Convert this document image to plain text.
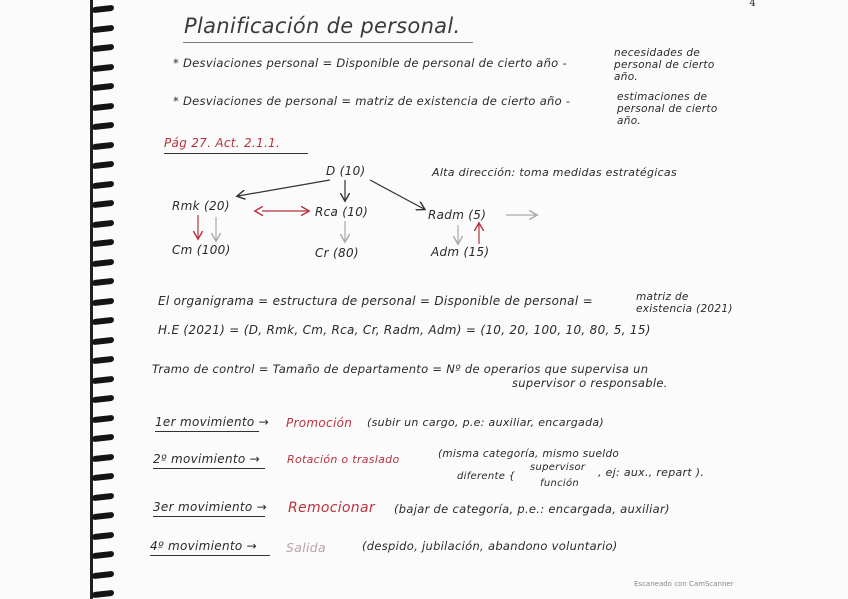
4
Planificación de personal.
* Desviaciones personal = Disponible de personal de cierto año -
necesidades de personal de cierto año.
* Desviaciones de personal = matriz de existencia de cierto año -	estimaciones de personal de cierto año.
Pág 27. Act. 2.1.1.
D (10)	Alta dirección: toma medidas estratégicas
Rmk (20)	Rca (10)	Radm (5)
Cm (100)	Cr (80)	Adm (15)
El organigrama = estructura de personal = Disponible de personal =	matriz de existencia (2021)
H.E (2021) = (D, Rmk, Cm, Rca, Cr, Radm, Adm) = (10, 20, 100, 10, 80, 5, 15)
Tramo de control = Tamaño de departamento = Nº de operarios que supervisa un
supervisor o responsable.
1er movimiento → Promoción (subir un cargo, p.e: auxiliar, encargada)
2º movimiento → Rotación o traslado	(misma categoría, mismo sueldo
diferente {
supervisor
función
, ej: aux., repart ).
3er movimiento → Remocionar (bajar de categoría, p.e.: encargada, auxiliar)
4º movimiento → Salida	(despido, jubilación, abandono voluntario)
Escaneado con CamScanner
